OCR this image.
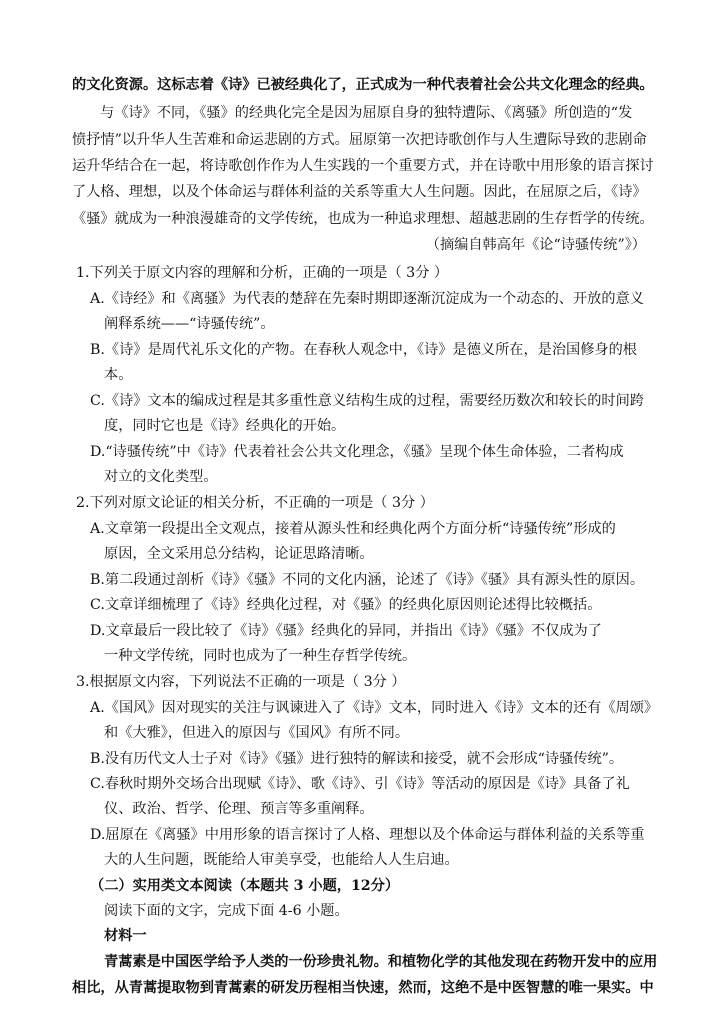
的文化资源。这标志着《诗》已被经典化了，正式成为一种代表着社会公共文化理念的经典。
与《诗》不同，《骚》的经典化完全是因为屈原自身的独特遭际、《离骚》所创造的“发
愤抒情”以升华人生苦难和命运悲剧的方式。屈原第一次把诗歌创作与人生遭际导致的悲剧命
运升华结合在一起，将诗歌创作作为人生实践的一个重要方式，并在诗歌中用形象的语言探讨
了人格、理想，以及个体命运与群体利益的关系等重大人生问题。因此，在屈原之后，《诗》
《骚》就成为一种浪漫雄奇的文学传统，也成为一种追求理想、超越悲剧的生存哲学的传统。
（摘编自韩高年《论“诗骚传统”》）
1.下列关于原文内容的理解和分析，正确的一项是（ 3分 ）
A.《诗经》和《离骚》为代表的楚辞在先秦时期即逐渐沉淀成为一个动态的、开放的意义
阐释系统——“诗骚传统”。
B.《诗》是周代礼乐文化的产物。在春秋人观念中，《诗》是德义所在，是治国修身的根
本。
C.《诗》文本的编成过程是其多重性意义结构生成的过程，需要经历数次和较长的时间跨
度，同时它也是《诗》经典化的开始。
D.“诗骚传统”中《诗》代表着社会公共文化理念，《骚》呈现个体生命体验，二者构成
对立的文化类型。
2.下列对原文论证的相关分析，不正确的一项是（ 3分 ）
A.文章第一段提出全文观点，接着从源头性和经典化两个方面分析“诗骚传统”形成的
原因，全文采用总分结构，论证思路清晰。
B.第二段通过剖析《诗》《骚》不同的文化内涵，论述了《诗》《骚》具有源头性的原因。
C.文章详细梳理了《诗》经典化过程，对《骚》的经典化原因则论述得比较概括。
D.文章最后一段比较了《诗》《骚》经典化的异同，并指出《诗》《骚》不仅成为了
一种文学传统，同时也成为了一种生存哲学传统。
3.根据原文内容，下列说法不正确的一项是（ 3分 ）
A.《国风》因对现实的关注与讽谏进入了《诗》文本，同时进入《诗》文本的还有《周颂》
和《大雅》，但进入的原因与《国风》有所不同。
B.没有历代文人士子对《诗》《骚》进行独特的解读和接受，就不会形成“诗骚传统”。
C.春秋时期外交场合出现赋《诗》、歌《诗》、引《诗》等活动的原因是《诗》具备了礼
仪、政治、哲学、伦理、预言等多重阐释。
D.屈原在《离骚》中用形象的语言探讨了人格、理想以及个体命运与群体利益的关系等重
大的人生问题，既能给人审美享受，也能给人人生启迪。
（二）实用类文本阅读（本题共 3 小题，12分）
阅读下面的文字，完成下面 4-6 小题。
材料一
青蒿素是中国医学给予人类的一份珍贵礼物。和植物化学的其他发现在药物开发中的应用
相比，从青蒿提取物到青蒿素的研发历程相当快速，然而，这绝不是中医智慧的唯一果实。中
